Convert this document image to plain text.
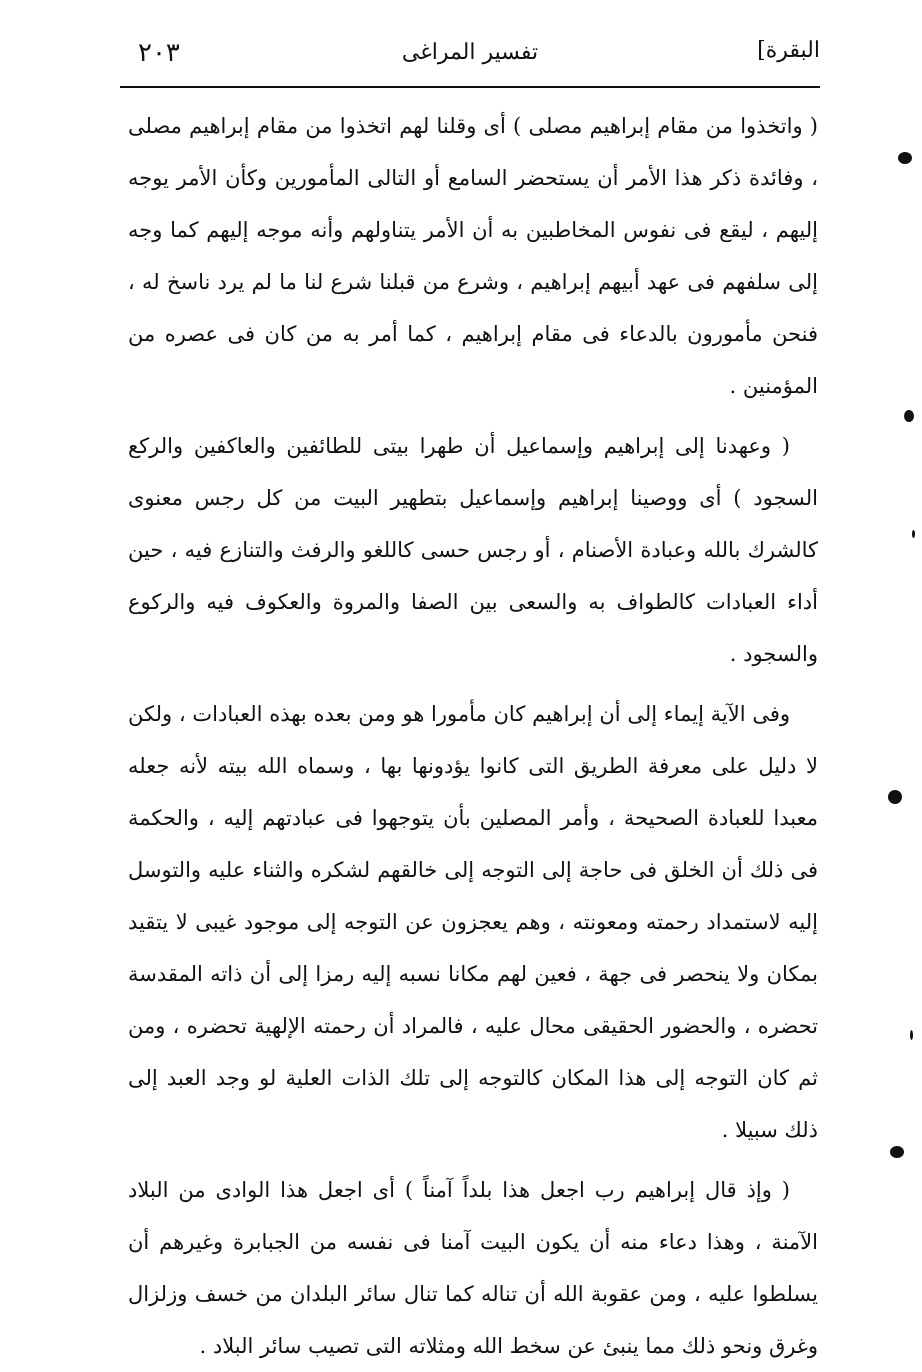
٢٠٣	تفسير المراغى	البقرة]

( واتخذوا من مقام إبراهيم مصلى ) أى وقلنا لهم اتخذوا من مقام إبراهيم مصلى ، وفائدة ذكر هذا الأمر أن يستحضر السامع أو التالى المأمورين وكأن الأمر يوجه إليهم ، ليقع فى نفوس المخاطبين به أن الأمر يتناولهم وأنه موجه إليهم كما وجه إلى سلفهم فى عهد أبيهم إبراهيم ، وشرع من قبلنا شرع لنا ما لم يرد ناسخ له ، فنحن مأمورون بالدعاء فى مقام إبراهيم ، كما أمر به من كان فى عصره من المؤمنين .

( وعهدنا إلى إبراهيم وإسماعيل أن طهرا بيتى للطائفين والعاكفين والركع السجود ) أى ووصينا إبراهيم وإسماعيل بتطهير البيت من كل رجس معنوى كالشرك بالله وعبادة الأصنام ، أو رجس حسى كاللغو والرفث والتنازع فيه ، حين أداء العبادات كالطواف به والسعى بين الصفا والمروة والعكوف فيه والركوع والسجود .

وفى الآية إيماء إلى أن إبراهيم كان مأمورا هو ومن بعده بهذه العبادات ، ولكن لا دليل على معرفة الطريق التى كانوا يؤدونها بها ، وسماه الله بيته لأنه جعله معبدا للعبادة الصحيحة ، وأمر المصلين بأن يتوجهوا فى عبادتهم إليه ، والحكمة فى ذلك أن الخلق فى حاجة إلى التوجه إلى خالقهم لشكره والثناء عليه والتوسل إليه لاستمداد رحمته ومعونته ، وهم يعجزون عن التوجه إلى موجود غيبى لا يتقيد بمكان ولا ينحصر فى جهة ، فعين لهم مكانا نسبه إليه رمزا إلى أن ذاته المقدسة تحضره ، والحضور الحقيقى محال عليه ، فالمراد أن رحمته الإلهية تحضره ، ومن ثم كان التوجه إلى هذا المكان كالتوجه إلى تلك الذات العلية لو وجد العبد إلى ذلك سبيلا .

( وإذ قال إبراهيم رب اجعل هذا بلداً آمناً ) أى اجعل هذا الوادى من البلاد الآمنة ، وهذا دعاء منه أن يكون البيت آمنا فى نفسه من الجبابرة وغيرهم أن يسلطوا عليه ، ومن عقوبة الله أن تناله كما تنال سائر البلدان من خسف وزلزال وغرق ونحو ذلك مما ينبئ عن سخط الله ومثلاته التى تصيب سائر البلاد .
